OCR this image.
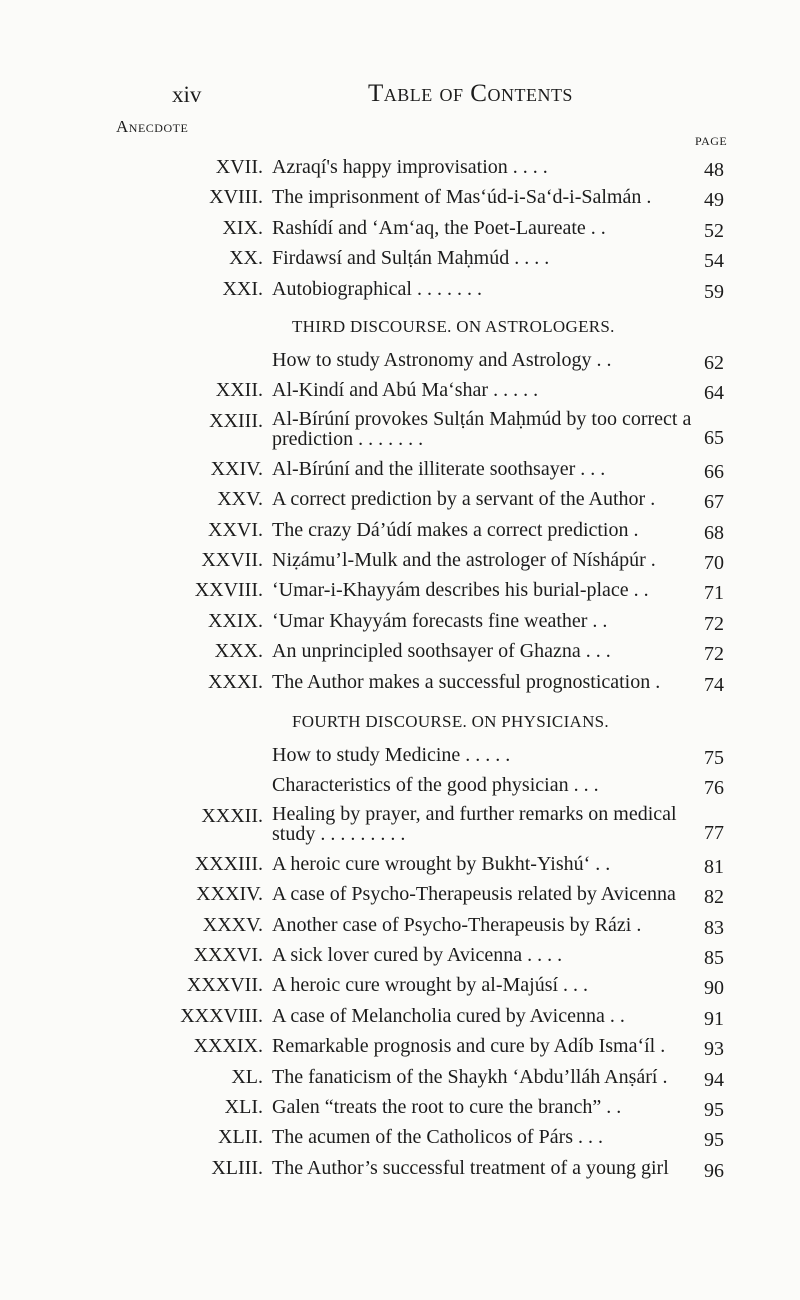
xiv	Table of Contents
Anecdote
PAGE
XVII. Azraqí's happy improvisation . . . .	48
XVIII. The imprisonment of Mas‘úd-i-Sa‘d-i-Salmán .	49
XIX. Rashídí and ‘Am‘aq, the Poet-Laureate . .	52
XX. Firdawsí and Sulṭán Maḥmúd . . . .	54
XXI. Autobiographical . . . . . . .	59
THIRD DISCOURSE. ON ASTROLOGERS.
How to study Astronomy and Astrology . .	62
XXII. Al-Kindí and Abú Ma‘shar . . . . .	64
XXIII. Al-Bírúní provokes Sulṭán Maḥmúd by too correct a prediction . . . . . . .	65
XXIV. Al-Bírúní and the illiterate soothsayer . . .	66
XXV. A correct prediction by a servant of the Author .	67
XXVI. The crazy Dá’údí makes a correct prediction .	68
XXVII. Niẓámu’l-Mulk and the astrologer of Níshápúr .	70
XXVIII. ‘Umar-i-Khayyám describes his burial-place . .	71
XXIX. ‘Umar Khayyám forecasts fine weather . .	72
XXX. An unprincipled soothsayer of Ghazna . . .	72
XXXI. The Author makes a successful prognostication .	74
FOURTH DISCOURSE. ON PHYSICIANS.
How to study Medicine . . . . .	75
Characteristics of the good physician . . .	76
XXXII. Healing by prayer, and further remarks on medical study . . . . . . . . .	77
XXXIII. A heroic cure wrought by Bukht-Yishú‘ . .	81
XXXIV. A case of Psycho-Therapeusis related by Avicenna	82
XXXV. Another case of Psycho-Therapeusis by Rázi .	83
XXXVI. A sick lover cured by Avicenna . . . .	85
XXXVII. A heroic cure wrought by al-Majúsí . . .	90
XXXVIII. A case of Melancholia cured by Avicenna . .	91
XXXIX. Remarkable prognosis and cure by Adíb Isma‘íl .	93
XL. The fanaticism of the Shaykh ‘Abdu’lláh Anṣárí .	94
XLI. Galen “treats the root to cure the branch” . .	95
XLII. The acumen of the Catholicos of Párs . . .	95
XLIII. The Author’s successful treatment of a young girl	96
